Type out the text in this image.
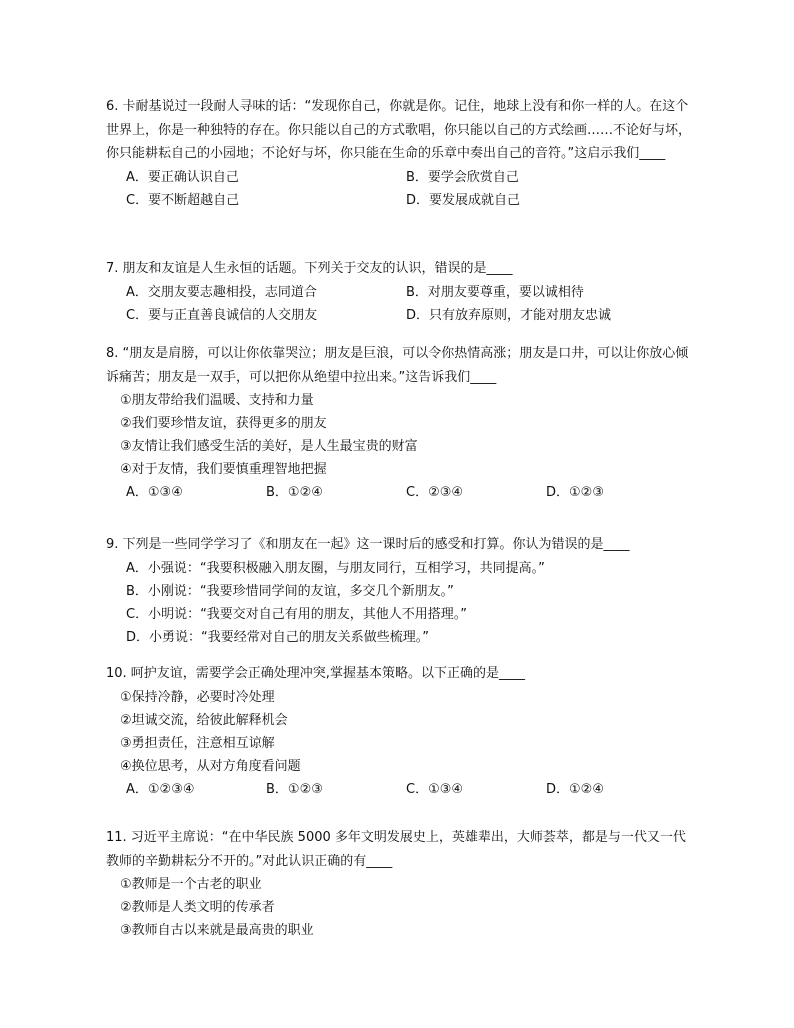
6. 卡耐基说过一段耐人寻味的话：“发现你自己，你就是你。记住，地球上没有和你一样的人。在这个世界上，你是一种独特的存在。你只能以自己的方式歌唱，你只能以自己的方式绘画……不论好与坏，你只能耕耘自己的小园地；不论好与坏，你只能在生命的乐章中奏出自己的音符。”这启示我们____

A．要正确认识自己	B．要学会欣赏自己
C．要不断超越自己	D．要发展成就自己

7. 朋友和友谊是人生永恒的话题。下列关于交友的认识，错误的是____

A．交朋友要志趣相投，志同道合	B．对朋友要尊重，要以诚相待
C．要与正直善良诚信的人交朋友	D．只有放弃原则，才能对朋友忠诚

8. “朋友是肩膀，可以让你依靠哭泣；朋友是巨浪，可以令你热情高涨；朋友是口井，可以让你放心倾诉痛苦；朋友是一双手，可以把你从绝望中拉出来。”这告诉我们____

①朋友带给我们温暖、支持和力量
②我们要珍惜友谊，获得更多的朋友
③友情让我们感受生活的美好，是人生最宝贵的财富
④对于友情，我们要慎重理智地把握
A．①③④	B．①②④	C．②③④	D．①②③

9. 下列是一些同学学习了《和朋友在一起》这一课时后的感受和打算。你认为错误的是____

A．小强说：“我要积极融入朋友圈，与朋友同行，互相学习，共同提高。”
B．小刚说：“我要珍惜同学间的友谊，多交几个新朋友。”
C．小明说：“我要交对自己有用的朋友，其他人不用搭理。”
D．小勇说：“我要经常对自己的朋友关系做些梳理。”

10. 呵护友谊，需要学会正确处理冲突,掌握基本策略。以下正确的是____

①保持冷静，必要时冷处理
②坦诚交流，给彼此解释机会
③勇担责任，注意相互谅解
④换位思考，从对方角度看问题
A．①②③④	B．①②③	C．①③④	D．①②④

11. 习近平主席说：“在中华民族 5000 多年文明发展史上，英雄辈出，大师荟萃，都是与一代又一代教师的辛勤耕耘分不开的。”对此认识正确的有____

①教师是一个古老的职业
②教师是人类文明的传承者
③教师自古以来就是最高贵的职业
